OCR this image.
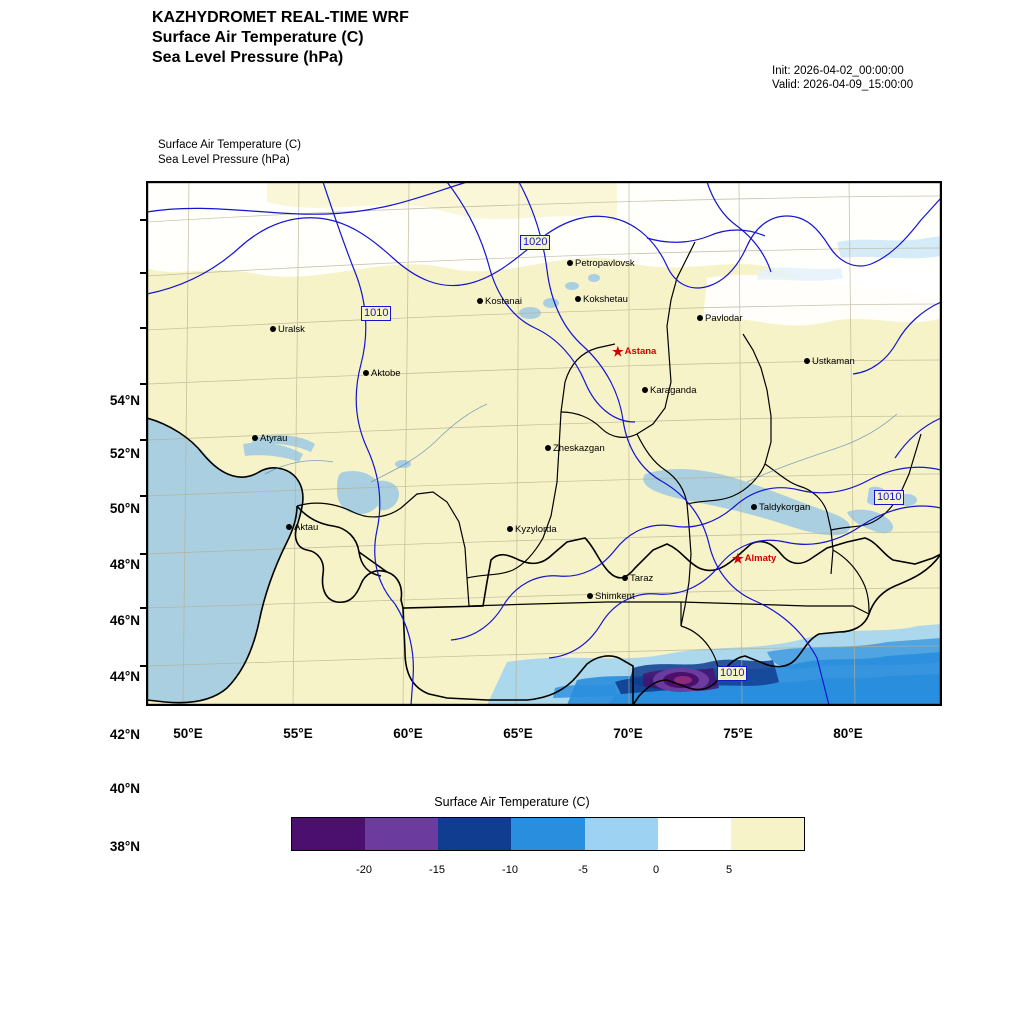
KAZHYDROMET REAL-TIME WRF
Surface Air Temperature (C)
Sea Level Pressure (hPa)
Init: 2026-04-02_00:00:00
Valid: 2026-04-09_15:00:00
Surface Air Temperature (C)
Sea Level Pressure (hPa)
54°N
52°N
50°N
48°N
46°N
44°N
42°N
40°N
38°N
1020
1010
1010
1010
Petropavlovsk
Kostanai	Kokshetau
Pavlodar
Uralsk
Ustkaman
Aktobe
Karaganda
Atyrau
Zheskazgan
Taldykorgan
Aktau	Kyzylorda
Taraz
Shimkent
★Astana
★Almaty
50°E	55°E	60°E	65°E	70°E	75°E	80°E
Surface Air Temperature (C)
-20	-15	-10	-5	0	5
